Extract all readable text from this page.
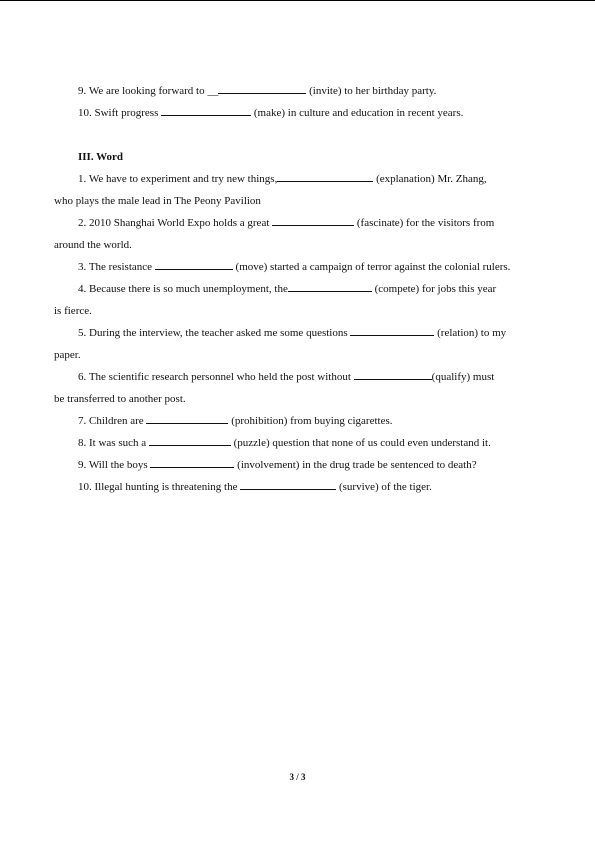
9. We are looking forward to __	(invite) to her birthday party.
10. Swift progress	(make) in culture and education in recent years.
III. Word
1. We have to experiment and try new things,	(explanation) Mr. Zhang,
who plays the male lead in The Peony Pavilion
2. 2010 Shanghai World Expo holds a great	(fascinate) for the visitors from
around the world.
3. The resistance	(move) started a campaign of terror against the colonial rulers.
4. Because there is so much unemployment, the	(compete) for jobs this year
is fierce.
5. During the interview, the teacher asked me some questions	(relation) to my
paper.
6. The scientific research personnel who held the post without	(qualify) must
be transferred to another post.
7. Children are	(prohibition) from buying cigarettes.
8. It was such a	(puzzle) question that none of us could even understand it.
9. Will the boys	(involvement) in the drug trade be sentenced to death?
10. Illegal hunting is threatening the	(survive) of the tiger.
3 / 3
